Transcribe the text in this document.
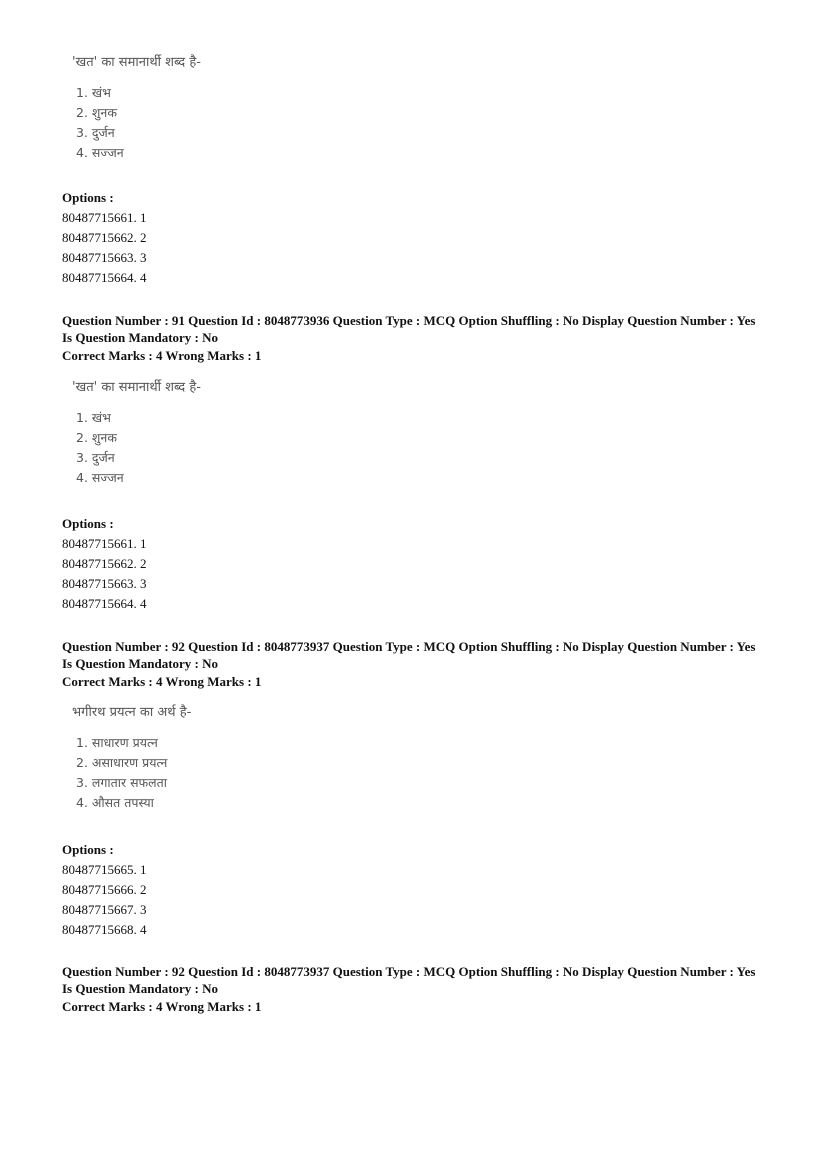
'खत' का समानार्थी शब्द है-
1. खंभ
2. शुनक
3. दुर्जन
4. सज्जन
Options :
80487715661. 1
80487715662. 2
80487715663. 3
80487715664. 4
Question Number : 91 Question Id : 8048773936 Question Type : MCQ Option Shuffling : No Display Question Number : Yes
Is Question Mandatory : No
Correct Marks : 4 Wrong Marks : 1
'खत' का समानार्थी शब्द है-
1. खंभ
2. शुनक
3. दुर्जन
4. सज्जन
Options :
80487715661. 1
80487715662. 2
80487715663. 3
80487715664. 4
Question Number : 92 Question Id : 8048773937 Question Type : MCQ Option Shuffling : No Display Question Number : Yes
Is Question Mandatory : No
Correct Marks : 4 Wrong Marks : 1
भगीरथ प्रयत्न का अर्थ है-
1. साधारण प्रयत्न
2. असाधारण प्रयत्न
3. लगातार सफलता
4. औसत तपस्या
Options :
80487715665. 1
80487715666. 2
80487715667. 3
80487715668. 4
Question Number : 92 Question Id : 8048773937 Question Type : MCQ Option Shuffling : No Display Question Number : Yes
Is Question Mandatory : No
Correct Marks : 4 Wrong Marks : 1
